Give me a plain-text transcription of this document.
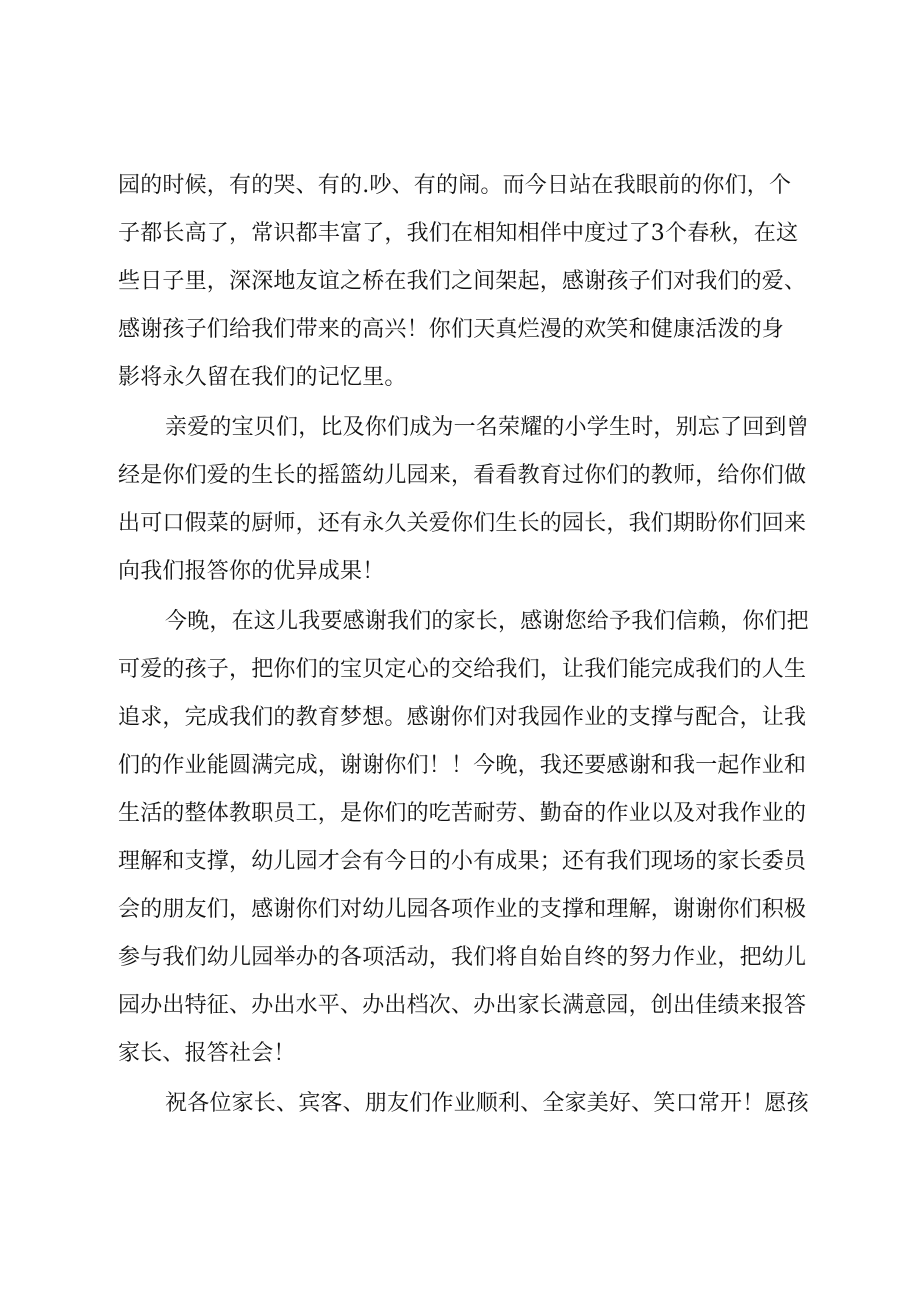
园的时候，有的哭、有的.吵、有的闹。而今日站在我眼前的你们，个
子都长高了，常识都丰富了，我们在相知相伴中度过了3个春秋，在这
些日子里，深深地友谊之桥在我们之间架起，感谢孩子们对我们的爱、
感谢孩子们给我们带来的高兴！你们天真烂漫的欢笑和健康活泼的身
影将永久留在我们的记忆里。
亲爱的宝贝们，比及你们成为一名荣耀的小学生时，别忘了回到曾
经是你们爱的生长的摇篮幼儿园来，看看教育过你们的教师，给你们做
出可口假菜的厨师，还有永久关爱你们生长的园长，我们期盼你们回来
向我们报答你的优异成果！
今晚，在这儿我要感谢我们的家长，感谢您给予我们信赖，你们把
可爱的孩子，把你们的宝贝定心的交给我们，让我们能完成我们的人生
追求，完成我们的教育梦想。感谢你们对我园作业的支撑与配合，让我
们的作业能圆满完成，谢谢你们！！今晚，我还要感谢和我一起作业和
生活的整体教职员工，是你们的吃苦耐劳、勤奋的作业以及对我作业的
理解和支撑，幼儿园才会有今日的小有成果；还有我们现场的家长委员
会的朋友们，感谢你们对幼儿园各项作业的支撑和理解，谢谢你们积极
参与我们幼儿园举办的各项活动，我们将自始自终的努力作业，把幼儿
园办出特征、办出水平、办出档次、办出家长满意园，创出佳绩来报答
家长、报答社会！
祝各位家长、宾客、朋友们作业顺利、全家美好、笑口常开！愿孩
